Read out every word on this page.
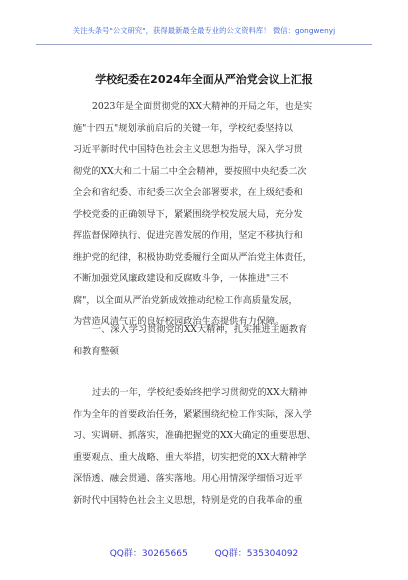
关注头条号"公文研究"，获得最新最全最专业的公文资料库！ 微信：gongwenyj
学校纪委在2024年全面从严治党会议上汇报
2023年是全面贯彻党的XX大精神的开局之年，也是实
施"十四五"规划承前启后的关键一年，学校纪委坚持以
习近平新时代中国特色社会主义思想为指导，深入学习贯
彻党的XX大和二十届二中全会精神，要按照中央纪委二次
全会和省纪委、市纪委三次全会部署要求，在上级纪委和
学校党委的正确领导下，紧紧围绕学校发展大局，充分发
挥监督保障执行、促进完善发展的作用，坚定不移执行和
维护党的纪律，积极协助党委履行全面从严治党主体责任，
不断加强党风廉政建设和反腐败斗争，一体推进"三不
腐"，以全面从严治党新成效推动纪检工作高质量发展，
为营造风清气正的良好校园政治生态提供有力保障。
一、深入学习贯彻党的XX大精神，扎实推进主题教育
和教育整顿
过去的一年，学校纪委始终把学习贯彻党的XX大精神
作为全年的首要政治任务，紧紧围绕纪检工作实际，深入学
习、实调研、抓落实，准确把握党的XX大确定的重要思想、
重要观点、重大战略、重大举措，切实把党的XX大精神学
深悟透、融会贯通、落实落地。用心用情深学细悟习近平
新时代中国特色社会主义思想，特别是党的自我革命的重
QQ群：30265665	QQ群：535304092
